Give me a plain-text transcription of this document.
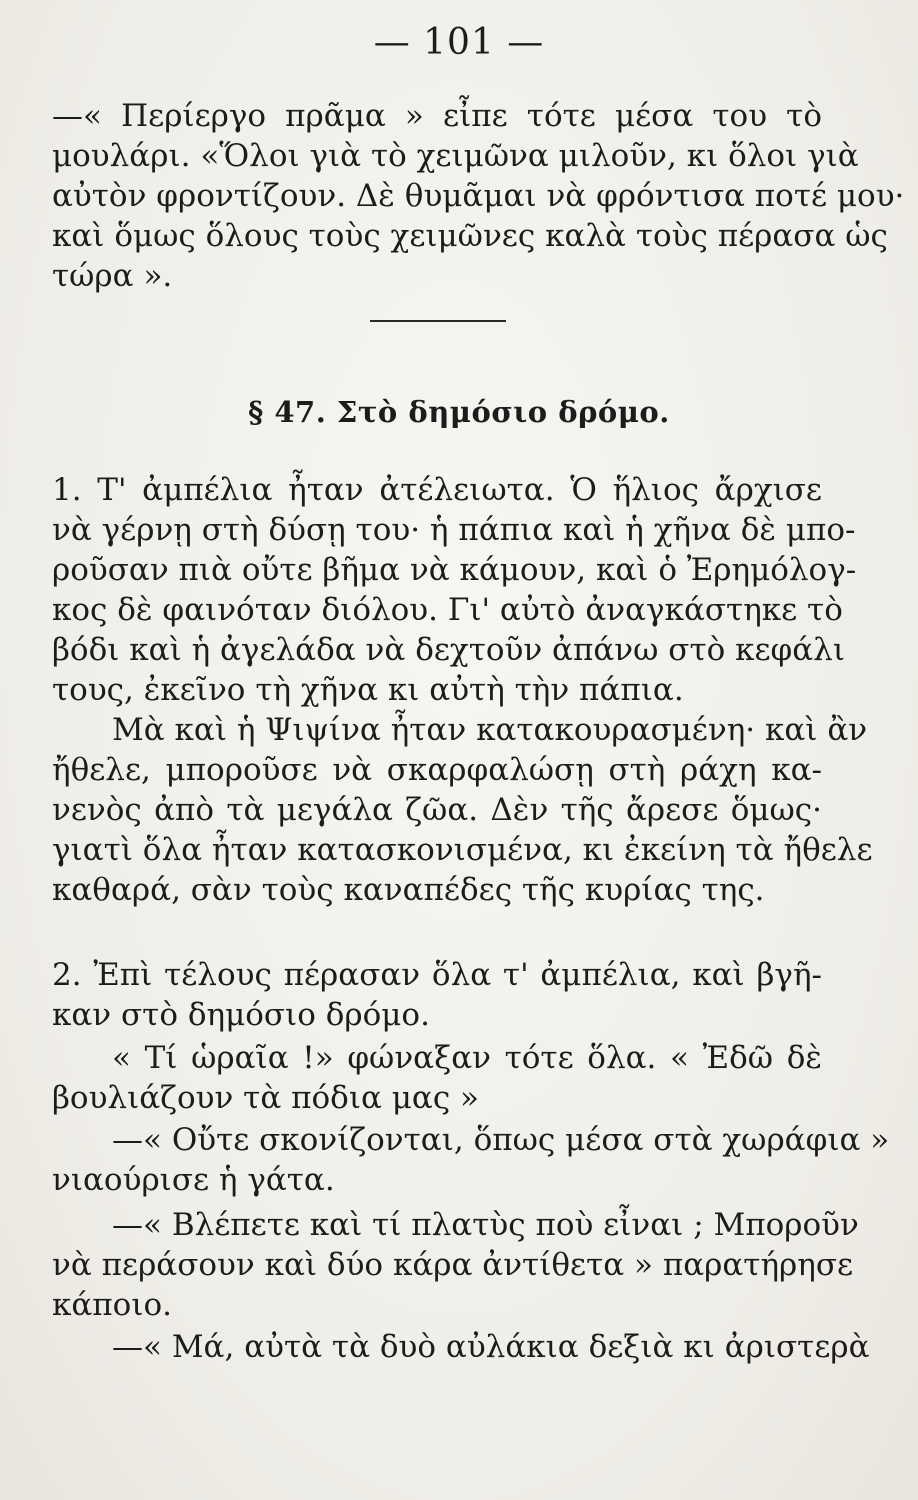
— 101 —
—« Περίεργο πρᾶμα » εἶπε τότε μέσα του τὸ
μουλάρι. «Ὅλοι γιὰ τὸ χειμῶνα μιλοῦν, κι ὅλοι γιὰ
αὐτὸν φροντίζουν. Δὲ θυμᾶμαι νὰ φρόντισα ποτέ μου·
καὶ ὅμως ὅλους τοὺς χειμῶνες καλὰ τοὺς πέρασα ὡς
τώρα ».
§ 47. Στὸ δημόσιο δρόμο.
1. Τ' ἀμπέλια ἦταν ἀτέλειωτα. Ὁ ἥλιος ἄρχισε
νὰ γέρνῃ στὴ δύσῃ του· ἡ πάπια καὶ ἡ χῆνα δὲ μπο-
ροῦσαν πιὰ οὔτε βῆμα νὰ κάμουν, καὶ ὁ Ἐρημόλογ-
κος δὲ φαινόταν διόλου. Γι' αὐτὸ ἀναγκάστηκε τὸ
βόδι καὶ ἡ ἀγελάδα νὰ δεχτοῦν ἀπάνω στὸ κεφάλι
τους, ἐκεῖνο τὴ χῆνα κι αὐτὴ τὴν πάπια.
Μὰ καὶ ἡ Ψιψίνα ἦταν κατακουρασμένη· καὶ ἂν
ἤθελε, μποροῦσε νὰ σκαρφαλώσῃ στὴ ράχη κα-
νενὸς ἀπὸ τὰ μεγάλα ζῶα. Δὲν τῆς ἄρεσε ὅμως·
γιατὶ ὅλα ἦταν κατασκονισμένα, κι ἐκείνη τὰ ἤθελε
καθαρά, σὰν τοὺς καναπέδες τῆς κυρίας της.
2. Ἐπὶ τέλους πέρασαν ὅλα τ' ἀμπέλια, καὶ βγῆ-
καν στὸ δημόσιο δρόμο.
« Τί ὡραῖα !» φώναξαν τότε ὅλα. « Ἐδῶ δὲ
βουλιάζουν τὰ πόδια μας »
—« Οὔτε σκονίζονται, ὅπως μέσα στὰ χωράφια »
νιαούρισε ἡ γάτα.
—« Βλέπετε καὶ τί πλατὺς ποὺ εἶναι ; Μποροῦν
νὰ περάσουν καὶ δύο κάρα ἀντίθετα » παρατήρησε
κάποιο.
—« Μά, αὐτὰ τὰ δυὸ αὐλάκια δεξιὰ κι ἀριστερὰ
